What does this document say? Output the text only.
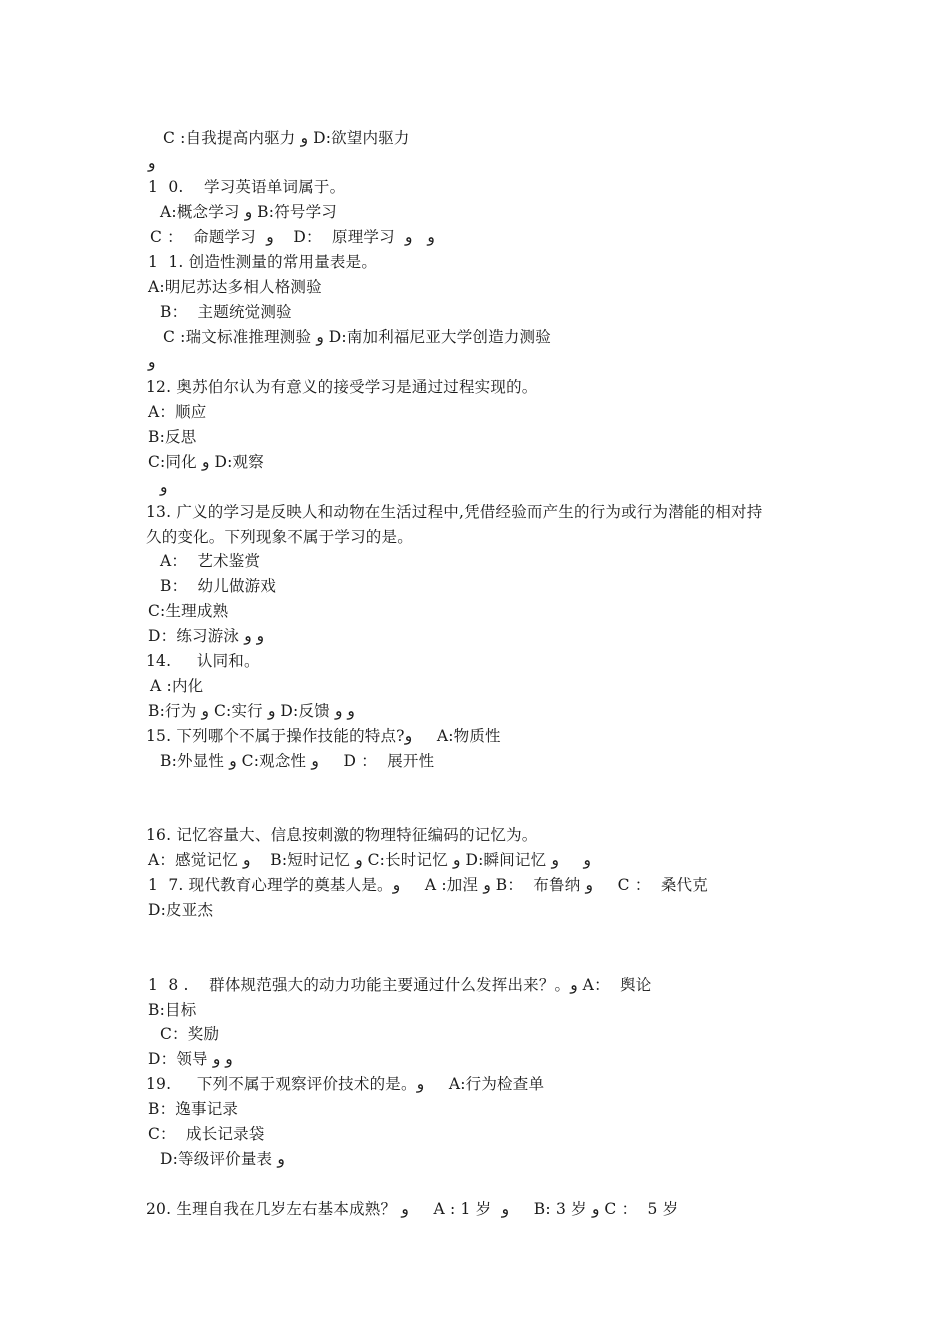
C :自我提高内驱力 و D:欲望内驱力
و
1  0.    学习英语单词属于。
A:概念学习 و B:符号学习
C ：  命题学习  و    D：  原理学习  و   و
1  1. 创造性测量的常用量表是。
A:明尼苏达多相人格测验
B：  主题统觉测验
C :瑞文标准推理测验 و D:南加利福尼亚大学创造力测验
و
12. 奥苏伯尔认为有意义的接受学习是通过过程实现的。
A：顺应
B:反思
C:同化 و D:观察
و
13. 广义的学习是反映人和动物在生活过程中,凭借经验而产生的行为或行为潜能的相对持
久的变化。下列现象不属于学习的是。
A：  艺术鉴赏
B：  幼儿做游戏
C:生理成熟
D：练习游泳 و و
14.     认同和。
A :内化
B:行为 و C:实行 و D:反馈 و و
15. 下列哪个不属于操作技能的特点?و     A:物质性
B:外显性 و C:观念性 و     D ：  展开性
16. 记忆容量大、信息按刺激的物理特征编码的记忆为。
A：感觉记忆 و    B:短时记忆 و C:长时记忆 و D:瞬间记忆 و     و
1  7. 现代教育心理学的奠基人是。و     A :加涅 و B：  布鲁纳 و     C ：  桑代克
D:皮亚杰
1  8 .    群体规范强大的动力功能主要通过什么发挥出来？。و A：  舆论
B:目标
C：奖励
D：领导 و و
19.     下列不属于观察评价技术的是。و     A:行为检查单
B：逸事记录
C：  成长记录袋
D:等级评价量表 و
20. 生理自我在几岁左右基本成熟？ و     A : 1 岁  و     B: 3 岁 و C ：  5 岁
